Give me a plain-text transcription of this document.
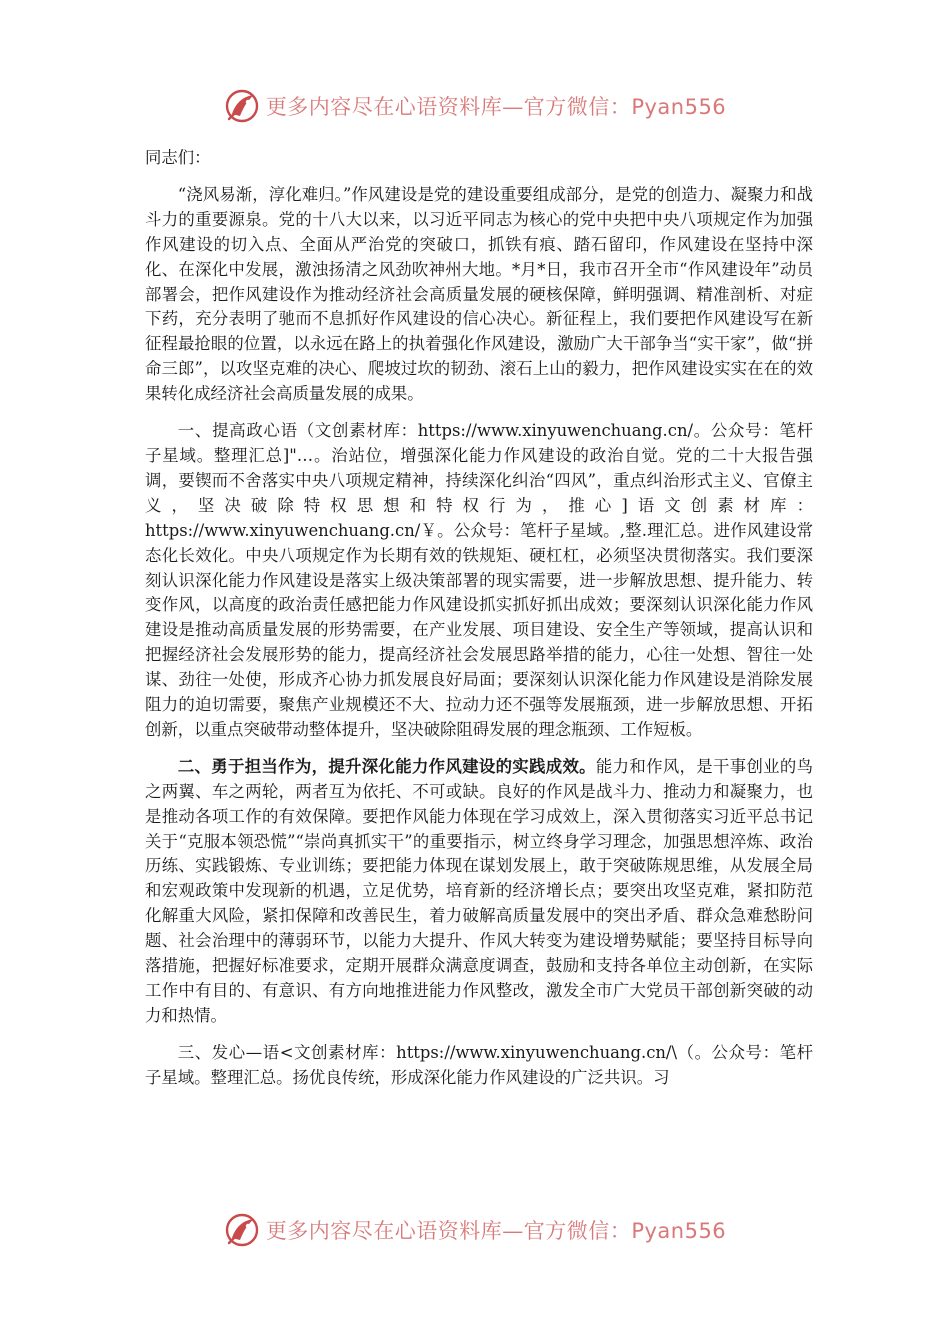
更多内容尽在心语资料库—官方微信：Pyan556

同志们：

“浇风易渐，淳化难归。”作风建设是党的建设重要组成部分，是党的创造力、凝聚力和战斗力的重要源泉。党的十八大以来，以习近平同志为核心的党中央把中央八项规定作为加强作风建设的切入点、全面从严治党的突破口，抓铁有痕、踏石留印，作风建设在坚持中深化、在深化中发展，激浊扬清之风劲吹神州大地。*月*日，我市召开全市“作风建设年”动员部署会，把作风建设作为推动经济社会高质量发展的硬核保障，鲜明强调、精准剖析、对症下药，充分表明了驰而不息抓好作风建设的信心决心。新征程上，我们要把作风建设写在新征程最抢眼的位置，以永远在路上的执着强化作风建设，激励广大干部争当“实干家”，做“拼命三郎”，以攻坚克难的决心、爬坡过坎的韧劲、滚石上山的毅力，把作风建设实实在在的效果转化成经济社会高质量发展的成果。

一、提高政心语（文创素材库：https://www.xinyuwenchuang.cn/。公众号：笔杆子星域。整理汇总]"…。治站位，增强深化能力作风建设的政治自觉。党的二十大报告强调，要锲而不舍落实中央八项规定精神，持续深化纠治“四风”，重点纠治形式主义、官僚主义，坚决破除特权思想和特权行为，推心]语文创素材库：https://www.xinyuwenchuang.cn/￥。公众号：笔杆子星域。,整.理汇总。进作风建设常态化长效化。中央八项规定作为长期有效的铁规矩、硬杠杠，必须坚决贯彻落实。我们要深刻认识深化能力作风建设是落实上级决策部署的现实需要，进一步解放思想、提升能力、转变作风，以高度的政治责任感把能力作风建设抓实抓好抓出成效；要深刻认识深化能力作风建设是推动高质量发展的形势需要，在产业发展、项目建设、安全生产等领域，提高认识和把握经济社会发展形势的能力，提高经济社会发展思路举措的能力，心往一处想、智往一处谋、劲往一处使，形成齐心协力抓发展良好局面；要深刻认识深化能力作风建设是消除发展阻力的迫切需要，聚焦产业规模还不大、拉动力还不强等发展瓶颈，进一步解放思想、开拓创新，以重点突破带动整体提升，坚决破除阻碍发展的理念瓶颈、工作短板。

二、勇于担当作为，提升深化能力作风建设的实践成效。能力和作风，是干事创业的鸟之两翼、车之两轮，两者互为依托、不可或缺。良好的作风是战斗力、推动力和凝聚力，也是推动各项工作的有效保障。要把作风能力体现在学习成效上，深入贯彻落实习近平总书记关于“克服本领恐慌”“崇尚真抓实干”的重要指示，树立终身学习理念，加强思想淬炼、政治历练、实践锻炼、专业训练；要把能力体现在谋划发展上，敢于突破陈规思维，从发展全局和宏观政策中发现新的机遇，立足优势，培育新的经济增长点；要突出攻坚克难，紧扣防范化解重大风险，紧扣保障和改善民生，着力破解高质量发展中的突出矛盾、群众急难愁盼问题、社会治理中的薄弱环节，以能力大提升、作风大转变为建设增势赋能；要坚持目标导向落措施，把握好标准要求，定期开展群众满意度调查，鼓励和支持各单位主动创新，在实际工作中有目的、有意识、有方向地推进能力作风整改，激发全市广大党员干部创新突破的动力和热情。

三、发心—语<文创素材库：https://www.xinyuwenchuang.cn/\（。公众号：笔杆子星域。整理汇总。扬优良传统，形成深化能力作风建设的广泛共识。习

更多内容尽在心语资料库—官方微信：Pyan556
